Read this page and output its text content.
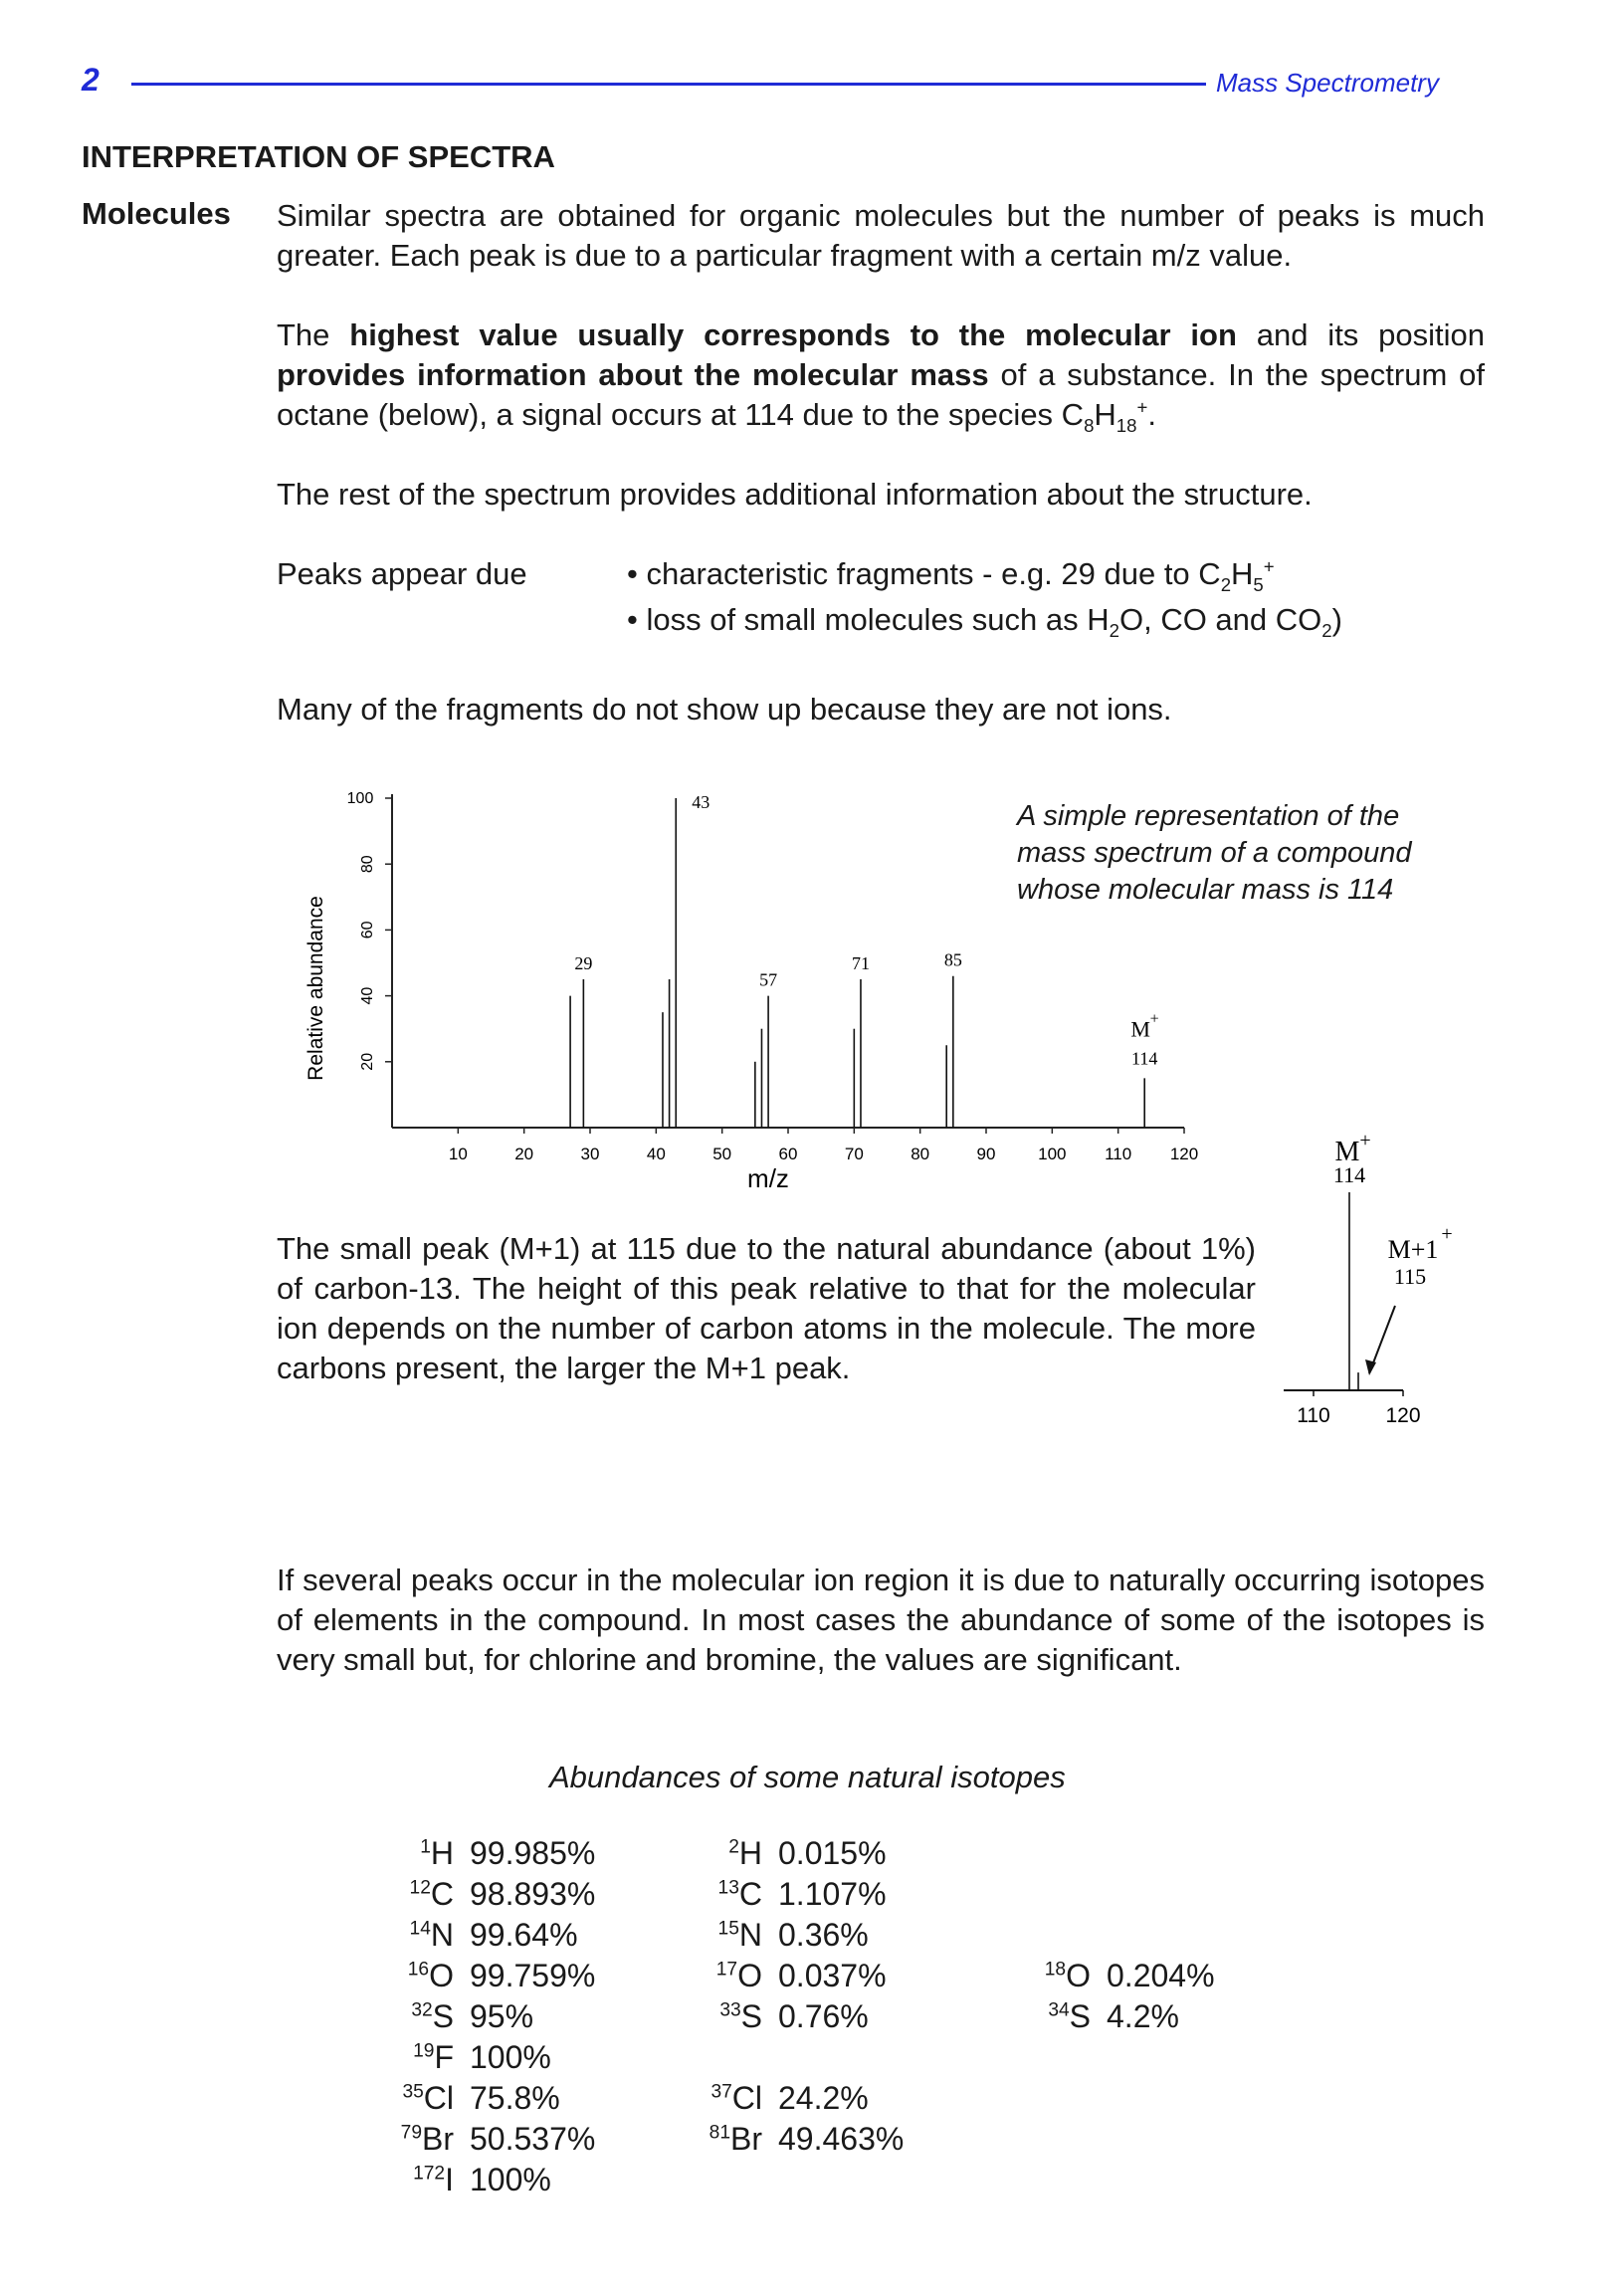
2	Mass Spectrometry
INTERPRETATION OF SPECTRA
Molecules Similar spectra are obtained for organic molecules but the number of peaks is much greater. Each peak is due to a particular fragment with a certain m/z value.
The highest value usually corresponds to the molecular ion and its position provides information about the molecular mass of a substance. In the spectrum of octane (below), a signal occurs at 114 due to the species $C_8H_{18}^+$.
The rest of the spectrum provides additional information about the structure.
Peaks appear due	• characteristic fragments - e.g. 29 due to $C_2H_5^+$
• loss of small molecules such as $H_2O$, CO and $CO_2$)
Many of the fragments do not show up because they are not ions.
Relative abundance
m/z
20
40
60
80
100
10	20	30	40	50	60	70	80	90	100 110 120
29
43
57
71	85
M +
114
A simple representation of the
mass spectrum of a compound
whose molecular mass is 114
The small peak (M+1) at 115 due to the natural abundance (about 1%) of carbon-13. The height of this peak relative to that for the molecular ion depends on the number of carbon atoms in the molecule. The more carbons present, the larger the M+1 peak.
110	120
M +
114
M+1
+
115
If several peaks occur in the molecular ion region it is due to naturally occurring isotopes of elements in the compound. In most cases the abundance of some of the isotopes is very small but, for chlorine and bromine, the values are significant.
Abundances of some natural isotopes
$^1$H 99.985%	$^2$H 0.015%
$^{12}$C 98.893%	$^{13}$C 1.107%
$^{14}$N 99.64%	$^{15}$N 0.36%
$^{16}$O 99.759%	$^{17}$O 0.037%	$^{18}$O 0.204%
$^{32}$S 95%	$^{33}$S 0.76%	$^{34}$S 4.2%
$^{19}$F 100%
$^{35}$Cl 75.8%	$^{37}$Cl 24.2%
$^{79}$Br 50.537%	$^{81}$Br 49.463%
$^{172}$I 100%
